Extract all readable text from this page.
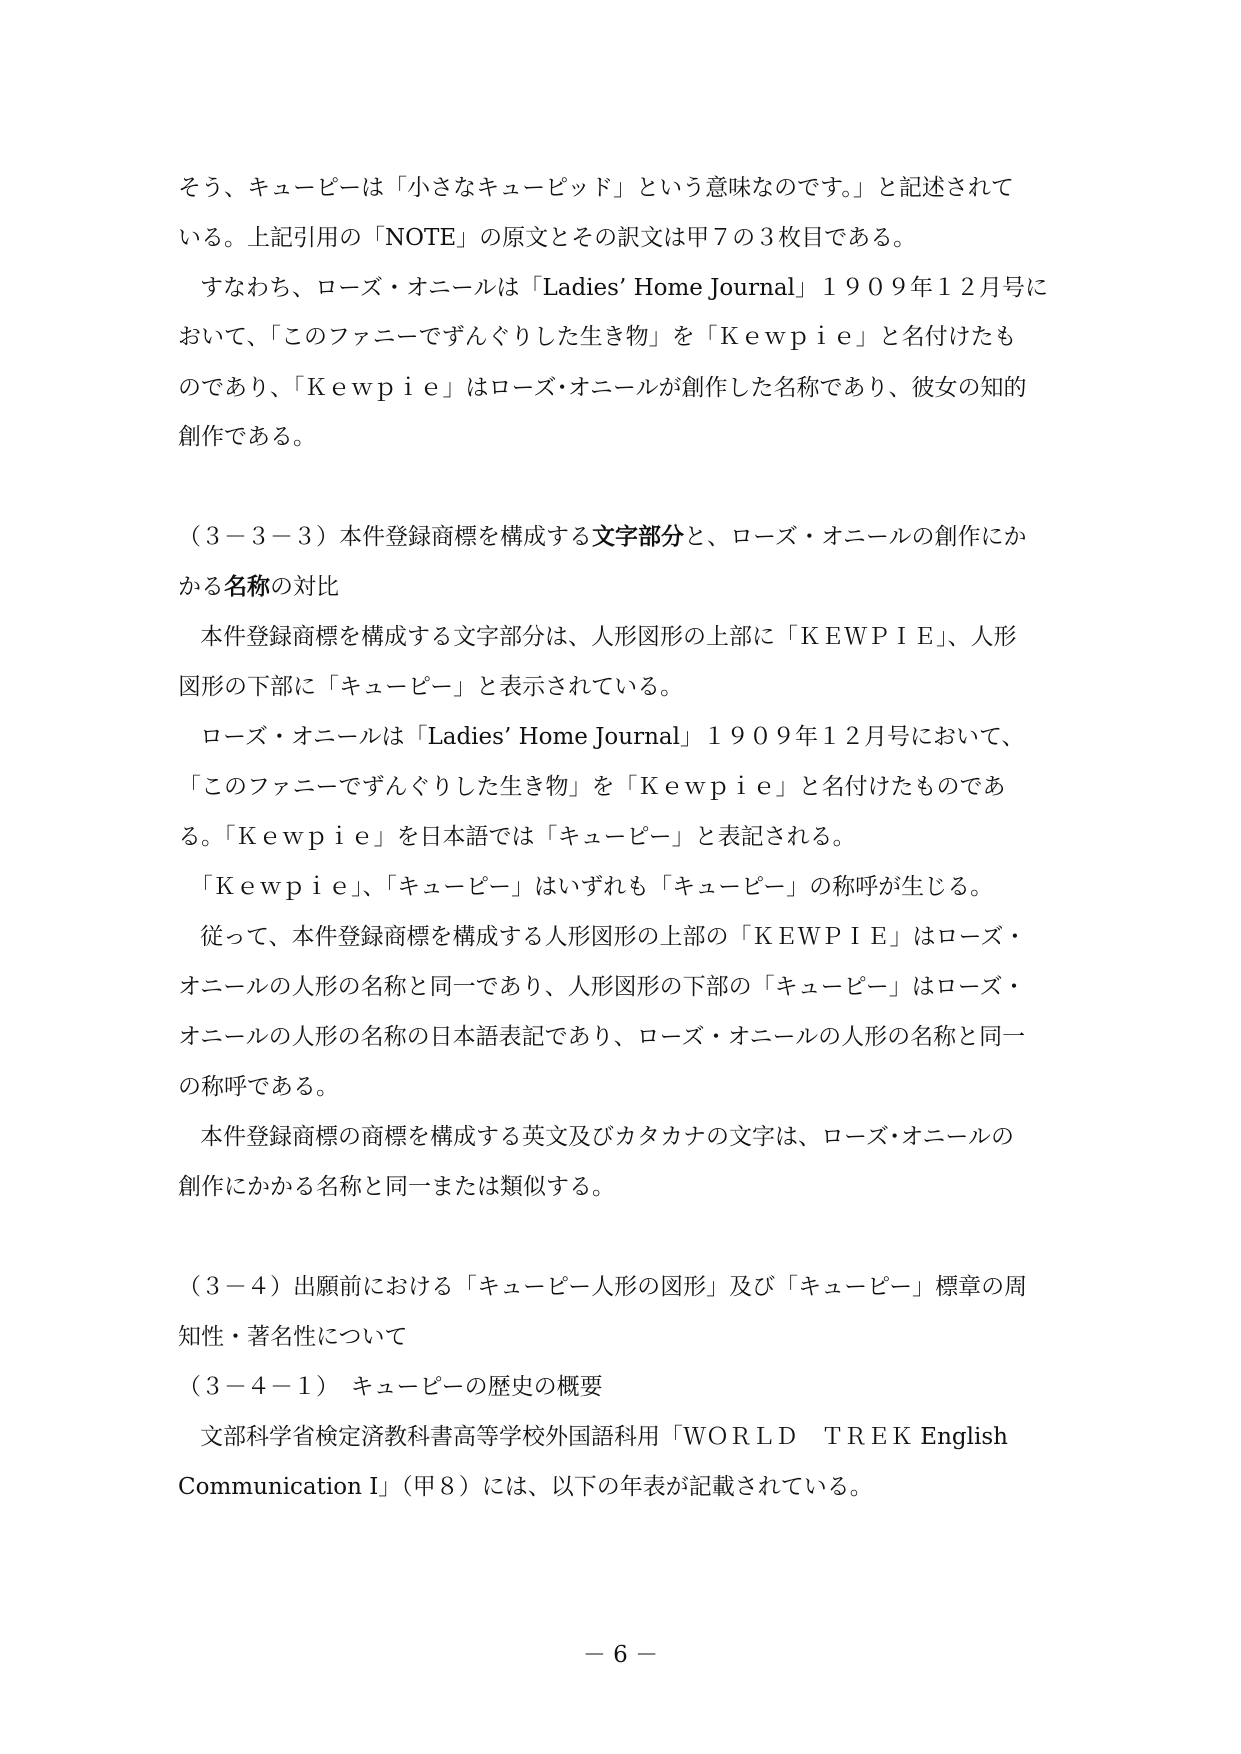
そう、キューピーは「小さなキューピッド」という意味なのです。」と記述されて
いる。上記引用の「NOTE」の原文とその訳文は甲７の３枚目である。
すなわち、ローズ・オニールは「Ladies’ Home Journal」１９０９年１２月号に
おいて、「このファニーでずんぐりした生き物」を「Ｋｅｗｐｉｅ」と名付けたも
のであり、「Ｋｅｗｐｉｅ」はローズ･オニールが創作した名称であり、彼女の知的
創作である。
（３－３－３）本件登録商標を構成する文字部分と、ローズ・オニールの創作にか
かる名称の対比
本件登録商標を構成する文字部分は、人形図形の上部に「ＫＥＷＰＩＥ」、人形
図形の下部に「キューピー」と表示されている。
ローズ・オニールは「Ladies’ Home Journal」１９０９年１２月号において、
「このファニーでずんぐりした生き物」を「Ｋｅｗｐｉｅ」と名付けたものであ
る。「Ｋｅｗｐｉｅ」を日本語では「キューピー」と表記される。
「Ｋｅｗｐｉｅ」、「キューピー」はいずれも「キューピー」の称呼が生じる。
従って、本件登録商標を構成する人形図形の上部の「ＫＥＷＰＩＥ」はローズ・
オニールの人形の名称と同一であり、人形図形の下部の「キューピー」はローズ・
オニールの人形の名称の日本語表記であり、ローズ・オニールの人形の名称と同一
の称呼である。
本件登録商標の商標を構成する英文及びカタカナの文字は、ローズ･オニールの
創作にかかる名称と同一または類似する。
（３－４）出願前における「キューピー人形の図形」及び「キューピー」標章の周
知性・著名性について
（３－４－１）　キューピーの歴史の概要
文部科学省検定済教科書高等学校外国語科用「ＷＯＲＬＤ　ＴＲＥＫ English
Communication I」（甲８）には、以下の年表が記載されている。
－ 6 －
